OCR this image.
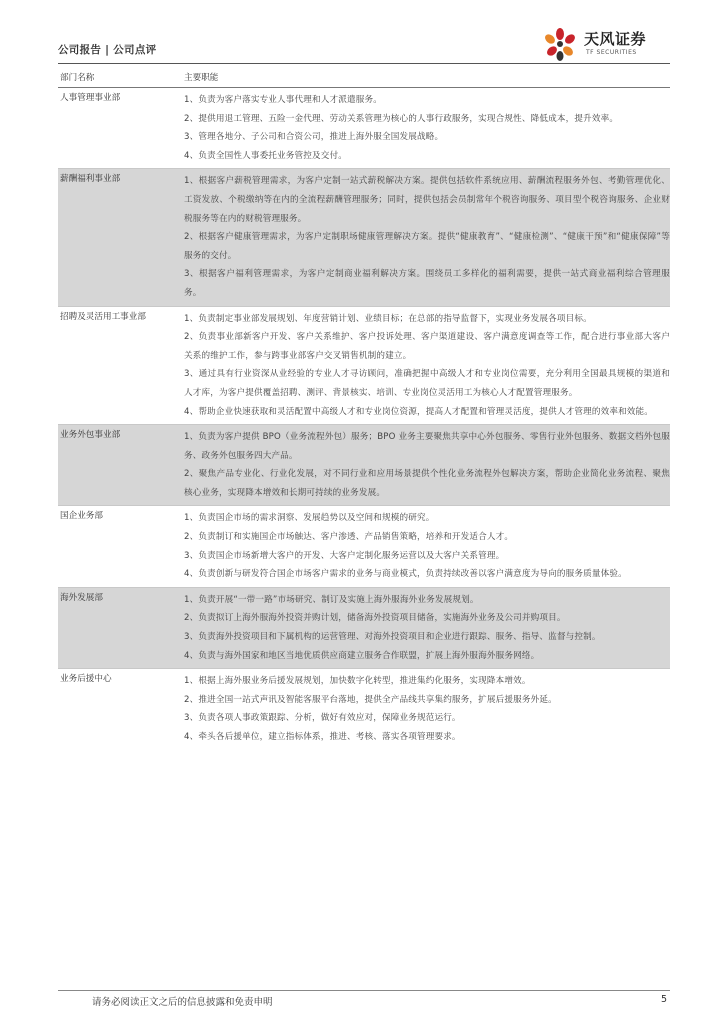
公司报告 | 公司点评
天风证券
TF SECURITIES
部门名称	主要职能
人事管理事业部	1、负责为客户落实专业人事代理和人才派遣服务。
2、提供用退工管理、五险一金代理、劳动关系管理为核心的人事行政服务，实现合规性、降低成本，提升效率。
3、管理各地分、子公司和合资公司，推进上海外服全国发展战略。
4、负责全国性人事委托业务管控及交付。

薪酬福利事业部	1、根据客户薪税管理需求，为客户定制一站式薪税解决方案。提供包括软件系统应用、薪酬流程服务外包、考勤管理优化、工资发放、个税缴纳等在内的全流程薪酬管理服务；同时，提供包括会员制常年个税咨询服务、项目型个税咨询服务、企业财税服务等在内的财税管理服务。
2、根据客户健康管理需求，为客户定制职场健康管理解决方案。提供“健康教育”、“健康检测”、“健康干预”和“健康保障”等服务的交付。
3、根据客户福利管理需求，为客户定制商业福利解决方案。围绕员工多样化的福利需要，提供一站式商业福利综合管理服务。

招聘及灵活用工事业部	1、负责制定事业部发展规划、年度营销计划、业绩目标；在总部的指导监督下，实现业务发展各项目标。
2、负责事业部新客户开发、客户关系维护、客户投诉处理、客户渠道建设、客户满意度调查等工作，配合进行事业部大客户关系的维护工作，参与跨事业部客户交叉销售机制的建立。
3、通过具有行业资深从业经验的专业人才寻访顾问，准确把握中高级人才和专业岗位需要，充分利用全国最具规模的渠道和人才库，为客户提供覆盖招聘、测评、背景核实、培训、专业岗位灵活用工为核心人才配置管理服务。
4、帮助企业快速获取和灵活配置中高级人才和专业岗位资源，提高人才配置和管理灵活度，提供人才管理的效率和效能。

业务外包事业部	1、负责为客户提供 BPO（业务流程外包）服务；BPO 业务主要聚焦共享中心外包服务、零售行业外包服务、数据文档外包服务、政务外包服务四大产品。
2、聚焦产品专业化、行业化发展，对不同行业和应用场景提供个性化业务流程外包解决方案，帮助企业简化业务流程、聚焦核心业务，实现降本增效和长期可持续的业务发展。

国企业务部	1、负责国企市场的需求洞察、发展趋势以及空间和规模的研究。
2、负责制订和实施国企市场触达、客户渗透、产品销售策略，培养和开发适合人才。
3、负责国企市场新增大客户的开发、大客户定制化服务运营以及大客户关系管理。
4、负责创新与研发符合国企市场客户需求的业务与商业模式，负责持续改善以客户满意度为导向的服务质量体验。

海外发展部	1、负责开展“一带一路”市场研究、制订及实施上海外服海外业务发展规划。
2、负责拟订上海外服海外投资并购计划，储备海外投资项目储备，实施海外业务及公司并购项目。
3、负责海外投资项目和下属机构的运营管理、对海外投资项目和企业进行跟踪、服务、指导、监督与控制。
4、负责与海外国家和地区当地优质供应商建立服务合作联盟，扩展上海外服海外服务网络。

业务后援中心	1、根据上海外服业务后援发展规划，加快数字化转型，推进集约化服务，实现降本增效。
2、推进全国一站式声讯及智能客服平台落地，提供全产品线共享集约服务，扩展后援服务外延。
3、负责各项人事政策跟踪、分析，做好有效应对，保障业务规范运行。
4、牵头各后援单位，建立指标体系，推进、考核、落实各项管理要求。
请务必阅读正文之后的信息披露和免责申明	5
